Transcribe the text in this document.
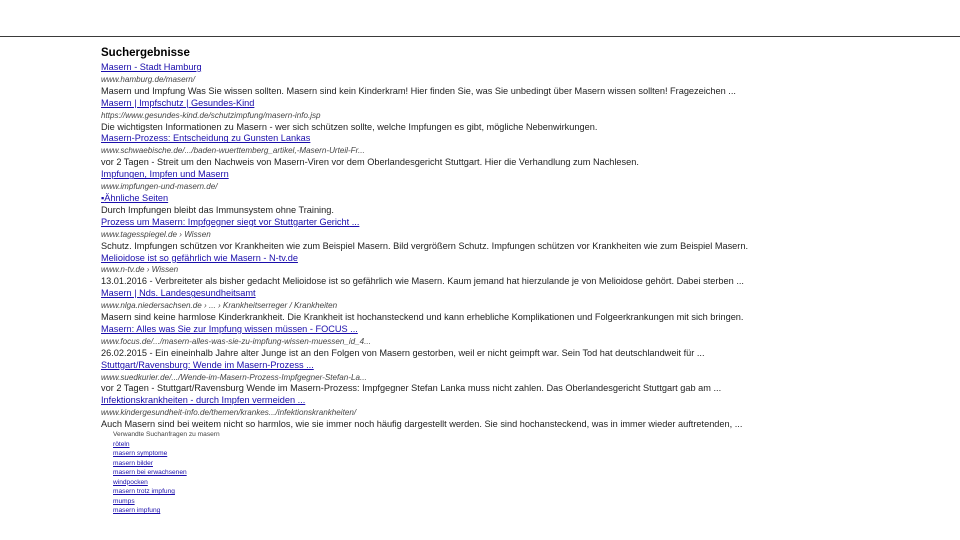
Suchergebnisse
Masern - Stadt Hamburg
www.hamburg.de/masern/
Masern und Impfung Was Sie wissen sollten. Masern sind kein Kinderkram! Hier finden Sie, was Sie unbedingt über Masern wissen sollten! Fragezeichen ...
Masern | Impfschutz | Gesundes-Kind
https://www.gesundes-kind.de/schutzimpfung/masern-info.jsp
Die wichtigsten Informationen zu Masern - wer sich schützen sollte, welche Impfungen es gibt, mögliche Nebenwirkungen.
Masern-Prozess: Entscheidung zu Gunsten Lankas
www.schwaebische.de/.../baden-wuerttemberg_artikel,-Masern-Urteil-Fr...
vor 2 Tagen - Streit um den Nachweis von Masern-Viren vor dem Oberlandesgericht Stuttgart. Hier die Verhandlung zum Nachlesen.
Impfungen, Impfen und Masern
www.impfungen-und-masern.de/
▪Ähnliche Seiten
Durch Impfungen bleibt das Immunsystem ohne Training.
Prozess um Masern: Impfgegner siegt vor Stuttgarter Gericht ...
www.tagesspiegel.de › Wissen
Schutz. Impfungen schützen vor Krankheiten wie zum Beispiel Masern. Bild vergrößern Schutz. Impfungen schützen vor Krankheiten wie zum Beispiel Masern.
Melioidose ist so gefährlich wie Masern - N-tv.de
www.n-tv.de › Wissen
13.01.2016 - Verbreiteter als bisher gedacht Melioidose ist so gefährlich wie Masern. Kaum jemand hat hierzulande je von Melioidose gehört. Dabei sterben ...
Masern | Nds. Landesgesundheitsamt
www.nlga.niedersachsen.de › ... › Krankheitserreger / Krankheiten
Masern sind keine harmlose Kinderkrankheit. Die Krankheit ist hochansteckend und kann erhebliche Komplikationen und Folgeerkrankungen mit sich bringen.
Masern: Alles was Sie zur Impfung wissen müssen - FOCUS ...
www.focus.de/.../masern-alles-was-sie-zu-impfung-wissen-muessen_id_4...
26.02.2015 - Ein eineinhalb Jahre alter Junge ist an den Folgen von Masern gestorben, weil er nicht geimpft war. Sein Tod hat deutschlandweit für ...
Stuttgart/Ravensburg: Wende im Masern-Prozess ...
www.suedkurier.de/.../Wende-im-Masern-Prozess-Impfgegner-Stefan-La...
vor 2 Tagen - Stuttgart/Ravensburg Wende im Masern-Prozess: Impfgegner Stefan Lanka muss nicht zahlen. Das Oberlandesgericht Stuttgart gab am ...
Infektionskrankheiten - durch Impfen vermeiden ...
www.kindergesundheit-info.de/themen/krankes.../infektionskrankheiten/
Auch Masern sind bei weitem nicht so harmlos, wie sie immer noch häufig dargestellt werden. Sie sind hochansteckend, was in immer wieder auftretenden, ...
Verwandte Suchanfragen zu masern
röteln
masern symptome
masern bilder
masern bei erwachsenen
windpocken
masern trotz impfung
mumps
masern impfung
